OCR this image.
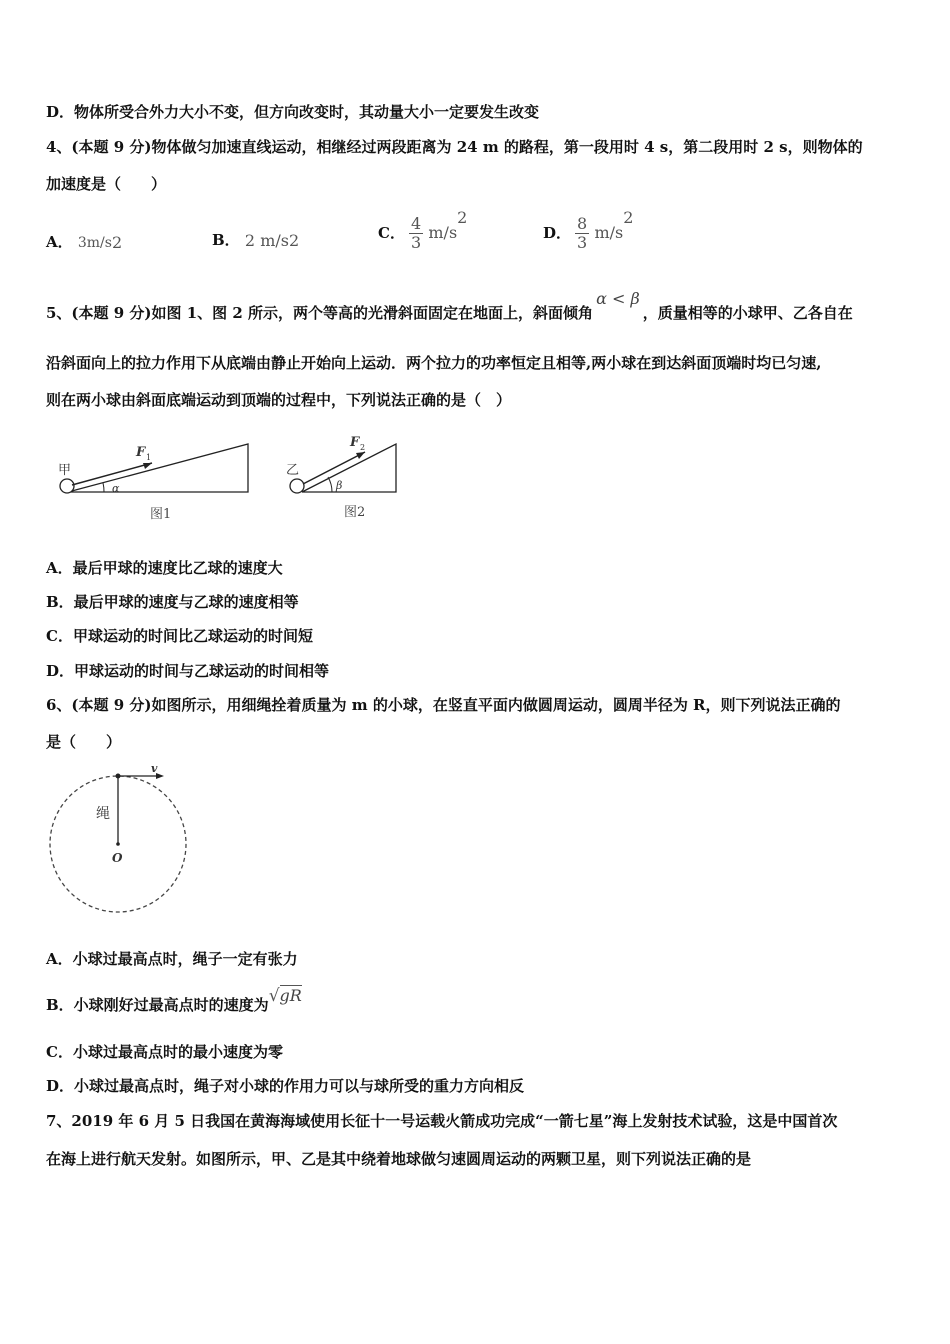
D．物体所受合外力大小不变，但方向改变时，其动量大小一定要发生改变
4、(本题 9 分)物体做匀加速直线运动，相继经过两段距离为 24 m 的路程，第一段用时 4 s，第二段用时 2 s，则物体的
加速度是（　　）
A． 3m/s2	B． 2 m/s2	C． $\frac{4}{3} m/s^2$
D． $\frac{8}{3} m/s^2$
5、(本题 9 分)如图 1、图 2 所示，两个等高的光滑斜面固定在地面上，斜面倾角α < β，质量相等的小球甲、乙各自在
沿斜面向上的拉力作用下从底端由静止开始向上运动．两个拉力的功率恒定且相等,两小球在到达斜面顶端时均已匀速,
则在两小球由斜面底端运动到顶端的过程中，下列说法正确的是（　）
甲
F 1
α
图1
乙
F 2
β
图2
A．最后甲球的速度比乙球的速度大
B．最后甲球的速度与乙球的速度相等
C．甲球运动的时间比乙球运动的时间短
D．甲球运动的时间与乙球运动的时间相等
6、(本题 9 分)如图所示，用细绳拴着质量为 m 的小球，在竖直平面内做圆周运动，圆周半径为 R，则下列说法正确的
是（　　）
v
绳
O
A．小球过最高点时，绳子一定有张力
B．小球刚好过最高点时的速度为√gR
C．小球过最高点时的最小速度为零
D．小球过最高点时，绳子对小球的作用力可以与球所受的重力方向相反
7、2019 年 6 月 5 日我国在黄海海域使用长征十一号运载火箭成功完成“一箭七星”海上发射技术试验，这是中国首次
在海上进行航天发射。如图所示，甲、乙是其中绕着地球做匀速圆周运动的两颗卫星，则下列说法正确的是
